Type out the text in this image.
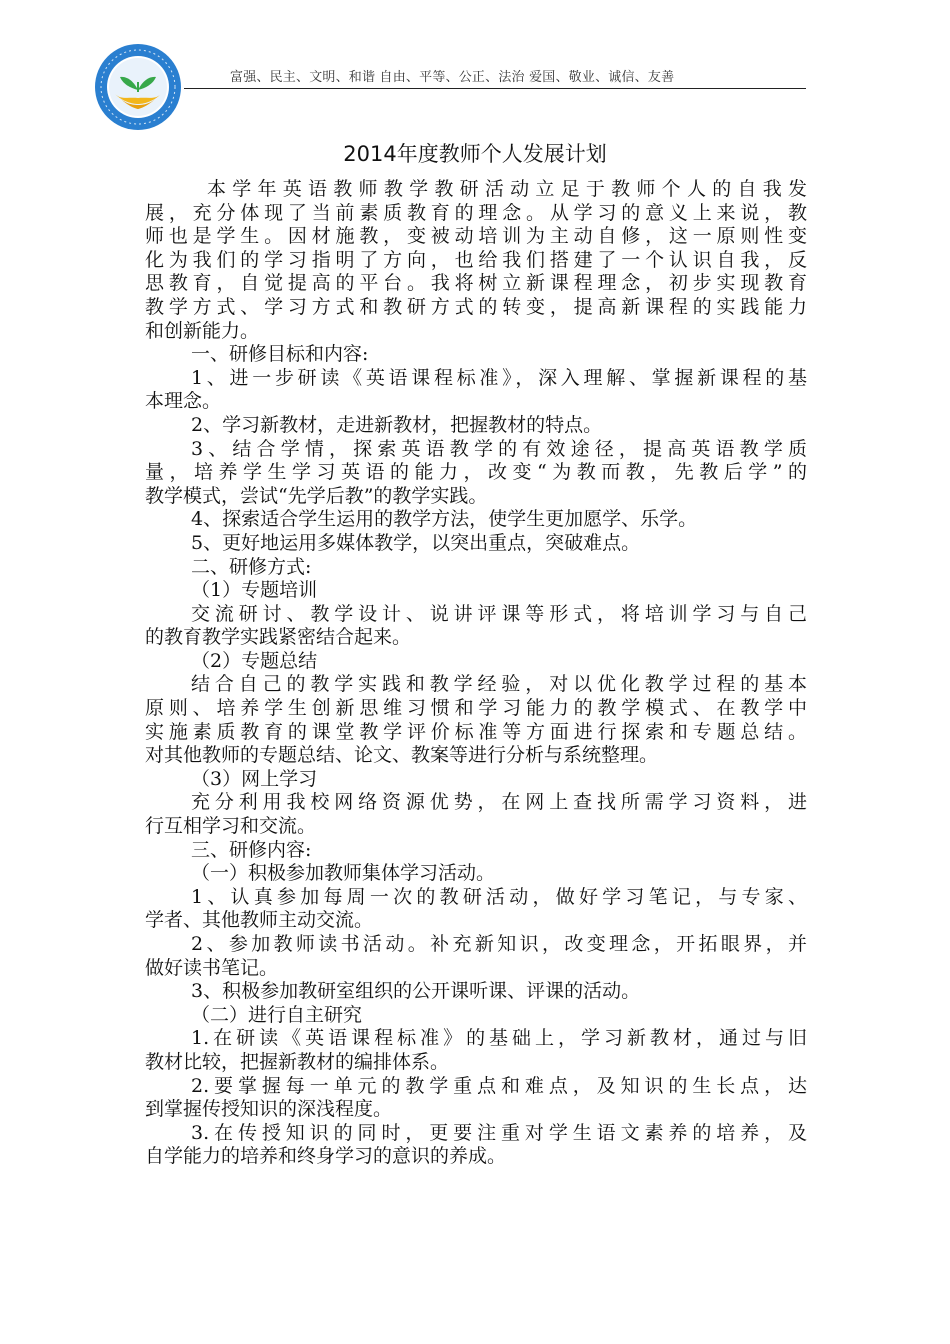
富强、民主、文明、和谐 自由、平等、公正、法治 爱国、敬业、诚信、友善
2014年度教师个人发展计划
本学年英语教师教学教研活动立足于教师个人的自我发
展，充分体现了当前素质教育的理念。从学习的意义上来说，教
师也是学生。因材施教，变被动培训为主动自修，这一原则性变
化为我们的学习指明了方向，也给我们搭建了一个认识自我，反
思教育，自觉提高的平台。我将树立新课程理念，初步实现教育
教学方式、学习方式和教研方式的转变，提高新课程的实践能力
和创新能力。
一、研修目标和内容:
1、进一步研读《英语课程标准》，深入理解、掌握新课程的基
本理念。
2、学习新教材，走进新教材，把握教材的特点。
3、结合学情，探索英语教学的有效途径，提高英语教学质
量，培养学生学习英语的能力，改变“为教而教，先教后学”的
教学模式，尝试“先学后教”的教学实践。
4、探索适合学生运用的教学方法，使学生更加愿学、乐学。
5、更好地运用多媒体教学，以突出重点，突破难点。
二、研修方式:
（1）专题培训
交流研讨、教学设计、说讲评课等形式，将培训学习与自己
的教育教学实践紧密结合起来。
（2）专题总结
结合自己的教学实践和教学经验，对以优化教学过程的基本
原则、培养学生创新思维习惯和学习能力的教学模式、在教学中
实施素质教育的课堂教学评价标准等方面进行探索和专题总结。
对其他教师的专题总结、论文、教案等进行分析与系统整理。
（3）网上学习
充分利用我校网络资源优势，在网上查找所需学习资料，进
行互相学习和交流。
三、研修内容:
（一）积极参加教师集体学习活动。
1、认真参加每周一次的教研活动，做好学习笔记，与专家、
学者、其他教师主动交流。
2、参加教师读书活动。补充新知识，改变理念，开拓眼界，并
做好读书笔记。
3、积极参加教研室组织的公开课听课、评课的活动。
（二）进行自主研究
1.在研读《英语课程标准》的基础上，学习新教材，通过与旧
教材比较，把握新教材的编排体系。
2.要掌握每一单元的教学重点和难点，及知识的生长点，达
到掌握传授知识的深浅程度。
3.在传授知识的同时，更要注重对学生语文素养的培养，及
自学能力的培养和终身学习的意识的养成。
